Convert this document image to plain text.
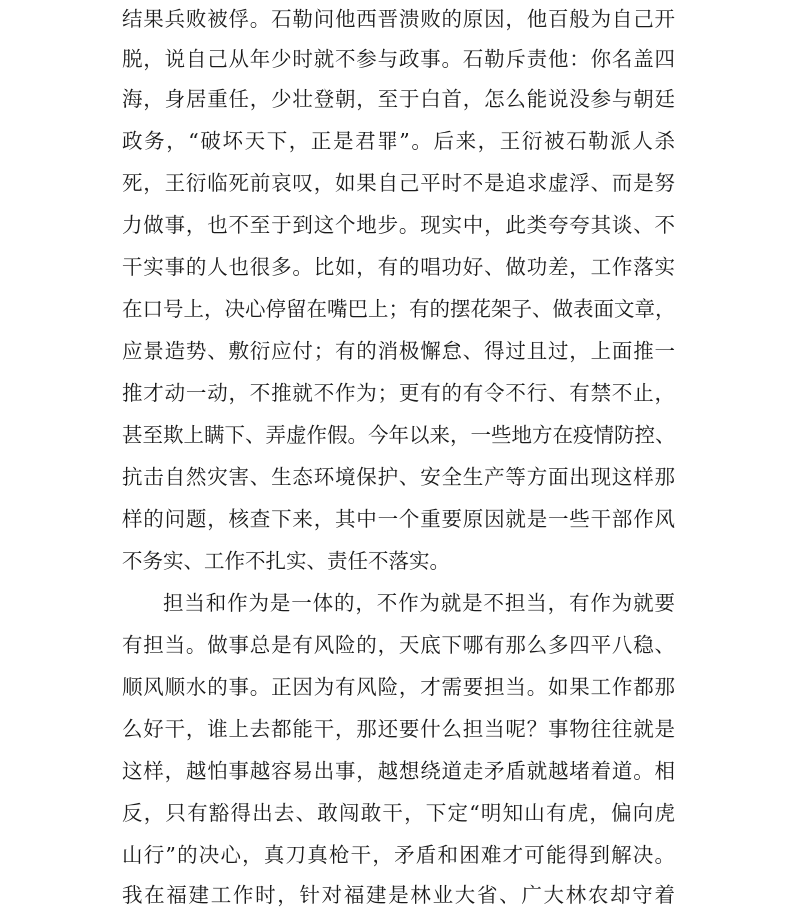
结果兵败被俘。石勒问他西晋溃败的原因，他百般为自己开
脱，说自己从年少时就不参与政事。石勒斥责他：你名盖四
海，身居重任，少壮登朝，至于白首，怎么能说没参与朝廷
政务，“破坏天下，正是君罪”。后来，王衍被石勒派人杀
死，王衍临死前哀叹，如果自己平时不是追求虚浮、而是努
力做事，也不至于到这个地步。现实中，此类夸夸其谈、不
干实事的人也很多。比如，有的唱功好、做功差，工作落实
在口号上，决心停留在嘴巴上；有的摆花架子、做表面文章，
应景造势、敷衍应付；有的消极懈怠、得过且过，上面推一
推才动一动，不推就不作为；更有的有令不行、有禁不止，
甚至欺上瞒下、弄虚作假。今年以来，一些地方在疫情防控、
抗击自然灾害、生态环境保护、安全生产等方面出现这样那
样的问题，核查下来，其中一个重要原因就是一些干部作风
不务实、工作不扎实、责任不落实。
担当和作为是一体的，不作为就是不担当，有作为就要
有担当。做事总是有风险的，天底下哪有那么多四平八稳、
顺风顺水的事。正因为有风险，才需要担当。如果工作都那
么好干，谁上去都能干，那还要什么担当呢？事物往往就是
这样，越怕事越容易出事，越想绕道走矛盾就越堵着道。相
反，只有豁得出去、敢闯敢干，下定“明知山有虎，偏向虎
山行”的决心，真刀真枪干，矛盾和困难才可能得到解决。
我在福建工作时，针对福建是林业大省、广大林农却守着
